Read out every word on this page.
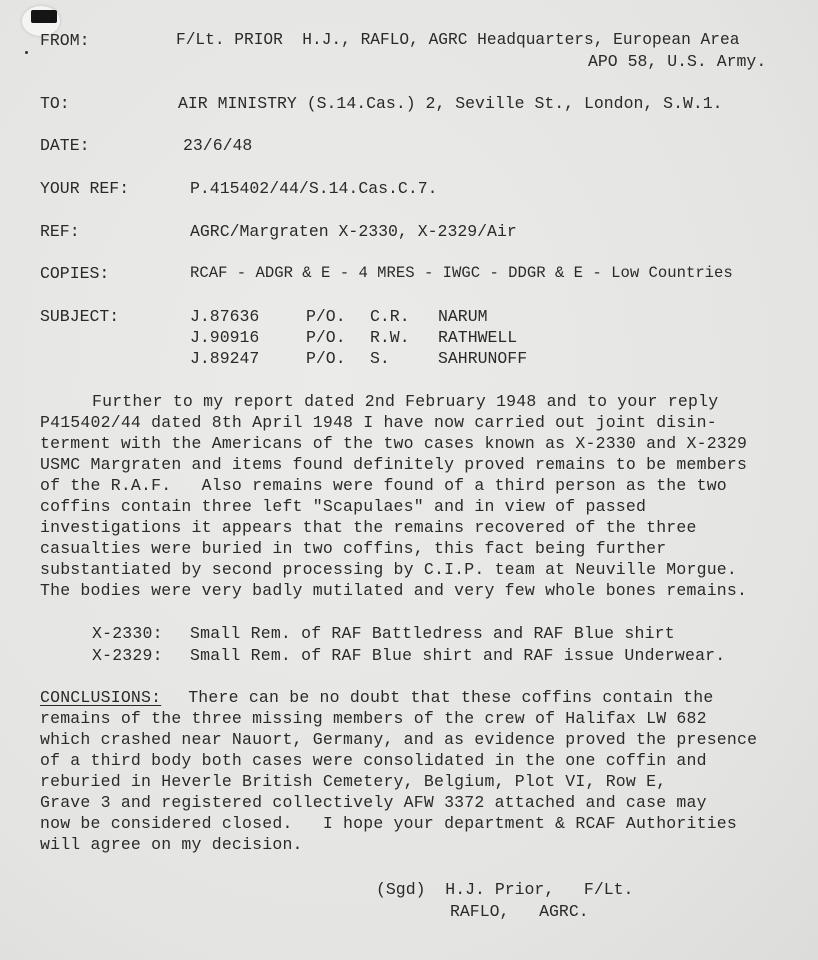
FROM:	F/Lt. PRIOR  H.J., RAFLO, AGRC Headquarters, European Area
APO 58, U.S. Army.
TO:	AIR MINISTRY (S.14.Cas.) 2, Seville St., London, S.W.1.
DATE:	23/6/48
YOUR REF:	P.415402/44/S.14.Cas.C.7.
REF:	AGRC/Margraten X-2330, X-2329/Air
COPIES:	RCAF - ADGR & E - 4 MRES - IWGC - DDGR & E - Low Countries
SUBJECT:	J.87636	P/O. C.R. NARUM
J.90916	P/O. R.W. RATHWELL
J.89247	P/O. S.	SAHRUNOFF
Further to my report dated 2nd February 1948 and to your reply
P415402/44 dated 8th April 1948 I have now carried out joint disin-
terment with the Americans of the two cases known as X-2330 and X-2329
USMC Margraten and items found definitely proved remains to be members
of the R.A.F.   Also remains were found of a third person as the two
coffins contain three left "Scapulaes" and in view of passed
investigations it appears that the remains recovered of the three
casualties were buried in two coffins, this fact being further
substantiated by second processing by C.I.P. team at Neuville Morgue.
The bodies were very badly mutilated and very few whole bones remains.
X-2330: Small Rem. of RAF Battledress and RAF Blue shirt
X-2329: Small Rem. of RAF Blue shirt and RAF issue Underwear.
CONCLUSIONS: There can be no doubt that these coffins contain the
remains of the three missing members of the crew of Halifax LW 682
which crashed near Nauort, Germany, and as evidence proved the presence
of a third body both cases were consolidated in the one coffin and
reburied in Heverle British Cemetery, Belgium, Plot VI, Row E,
Grave 3 and registered collectively AFW 3372 attached and case may
now be considered closed.   I hope your department & RCAF Authorities
will agree on my decision.
(Sgd)  H.J. Prior,   F/Lt.
RAFLO,   AGRC.
